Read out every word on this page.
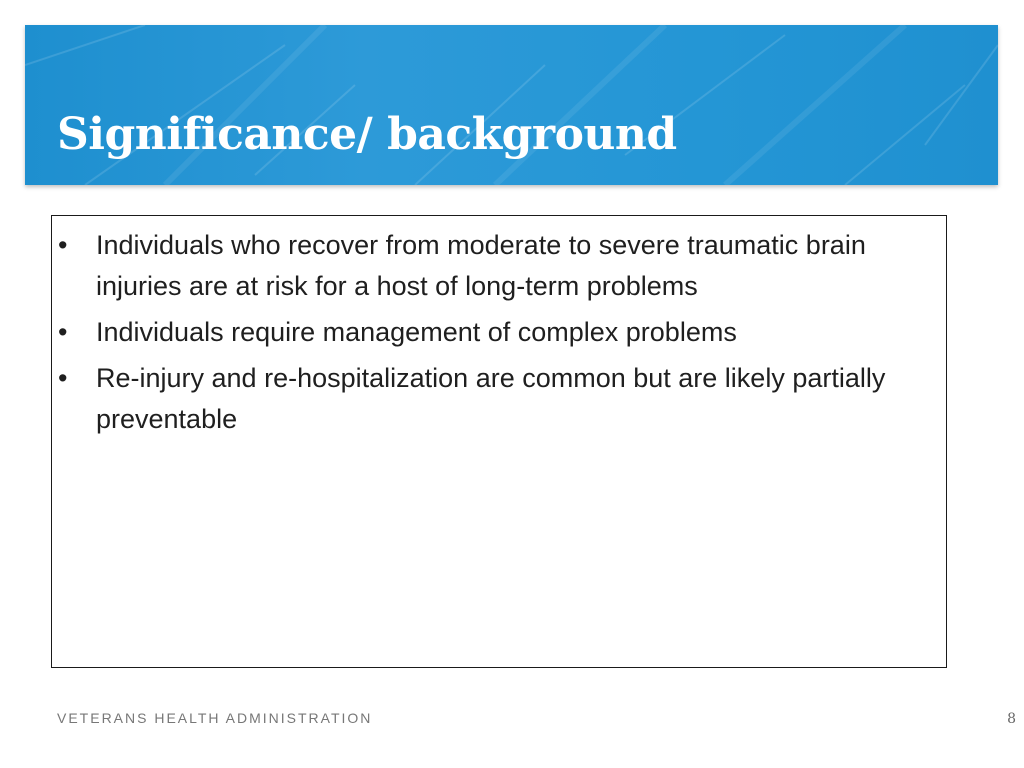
Significance/ background
• Individuals who recover from moderate to severe traumatic brain injuries are at risk for a host of long-term problems
• Individuals require management of complex problems
• Re-injury and re-hospitalization are common but are likely partially preventable
VETERANS HEALTH ADMINISTRATION	8
